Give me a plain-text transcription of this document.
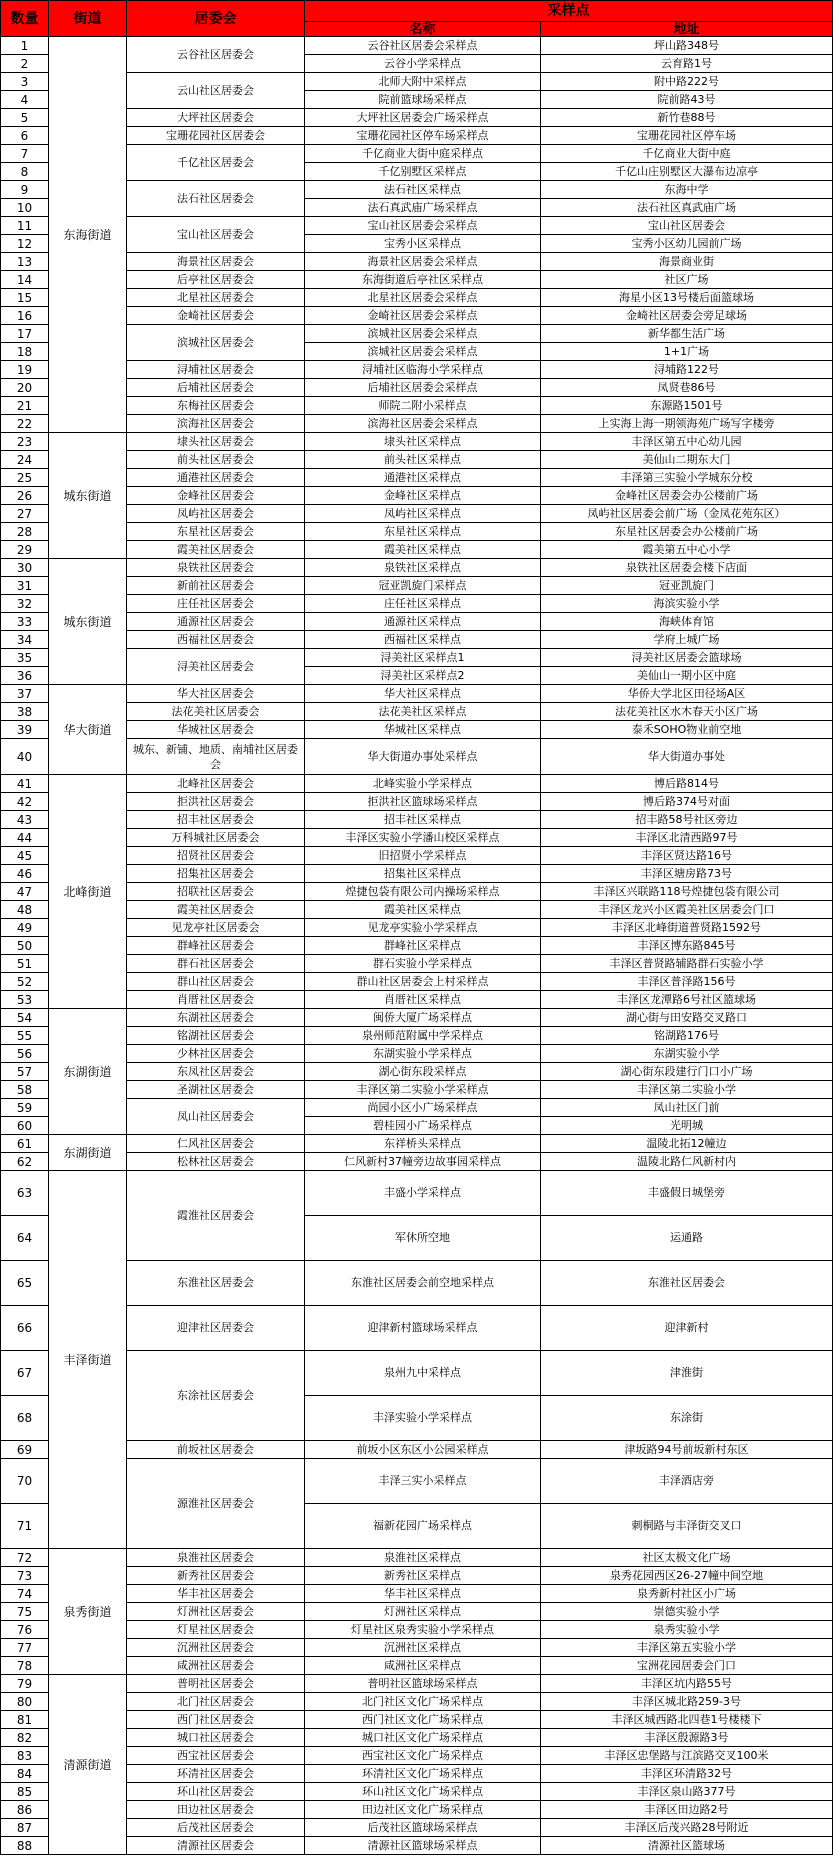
数量	街道	居委会	采样点	
			名称	地址
1	东海街道	云谷社区居委会	云谷社区居委会采样点	坪山路348号
2			云谷小学采样点	云育路1号
3		云山社区居委会	北师大附中采样点	附中路222号
4			院前篮球场采样点	院前路43号
5		大坪社区居委会	大坪社区居委会广场采样点	新竹巷88号
6		宝珊花园社区居委会	宝珊花园社区停车场采样点	宝珊花园社区停车场
7		千亿社区居委会	千亿商业大街中庭采样点	千亿商业大街中庭
8			千亿别墅区采样点	千亿山庄别墅区大瀑布边凉亭
9		法石社区居委会	法石社区采样点	东海中学
10			法石真武庙广场采样点	法石社区真武庙广场
11		宝山社区居委会	宝山社区居委会采样点	宝山社区居委会
12			宝秀小区采样点	宝秀小区幼儿园前广场
13		海景社区居委会	海景社区居委会采样点	海景商业街
14		后亭社区居委会	东海街道后亭社区采样点	社区广场
15		北星社区居委会	北星社区居委会采样点	海星小区13号楼后面篮球场
16		金崎社区居委会	金崎社区居委会采样点	金崎社区居委会旁足球场
17		滨城社区居委会	滨城社区居委会采样点	新华都生活广场
18			滨城社区居委会采样点	1+1广场
19		浔埔社区居委会	浔埔社区临海小学采样点	浔埔路122号
20		后埔社区居委会	后埔社区居委会采样点	凤贤巷86号
21		东梅社区居委会	师院二附小采样点	东源路1501号
22		滨海社区居委会	滨海社区居委会采样点	上实海上海一期领海苑广场写字楼旁
23	城东街道	埭头社区居委会	埭头社区采样点	丰泽区第五中心幼儿园
24		前头社区居委会	前头社区采样点	美仙山二期东大门
25		通港社区居委会	通港社区采样点	丰泽第三实验小学城东分校
26		金峰社区居委会	金峰社区采样点	金峰社区居委会办公楼前广场
27		凤屿社区居委会	凤屿社区采样点	凤屿社区居委会前广场（金凤花苑东区）
28		东星社区居委会	东星社区采样点	东星社区居委会办公楼前广场
29		霞美社区居委会	霞美社区采样点	霞美第五中心小学
30	城东街道	泉铁社区居委会	泉铁社区采样点	泉铁社区居委会楼下店面
31		新前社区居委会	冠亚凯旋门采样点	冠亚凯旋门
32		庄任社区居委会	庄任社区采样点	海滨实验小学
33		通源社区居委会	通源社区采样点	海峡体育馆
34		西福社区居委会	西福社区采样点	学府上城广场
35		浔美社区居委会	浔美社区采样点1	浔美社区居委会篮球场
36			浔美社区采样点2	美仙山一期小区中庭
37	华大街道	华大社区居委会	华大社区采样点	华侨大学北区田径场A区
38		法花美社区居委会	法花美社区采样点	法花美社区水木春天小区广场
39		华城社区居委会	华城社区采样点	泰禾SOHO物业前空地
40		城东、新铺、地质、南埔社区居委会	华大街道办事处采样点	华大街道办事处
41	北峰街道	北峰社区居委会	北峰实验小学采样点	博后路814号
42		拒洪社区居委会	拒洪社区篮球场采样点	博后路374号对面
43		招丰社区居委会	招丰社区采样点	招丰路58号社区旁边
44		万科城社区居委会	丰泽区实验小学潘山校区采样点	丰泽区北清西路97号
45		招贤社区居委会	旧招贤小学采样点	丰泽区贤达路16号
46		招集社区居委会	招集社区采样点	丰泽区塘房路73号
47		招联社区居委会	煌捷包袋有限公司内操场采样点	丰泽区兴联路118号煌捷包袋有限公司
48		霞美社区居委会	霞美社区采样点	丰泽区龙兴小区霞美社区居委会门口
49		见龙亭社区居委会	见龙亭实验小学采样点	丰泽区北峰街道普贤路1592号
50		群峰社区居委会	群峰社区采样点	丰泽区博东路845号
51		群石社区居委会	群石实验小学采样点	丰泽区普贤路辅路群石实验小学
52		群山社区居委会	群山社区居委会上村采样点	丰泽区普泽路156号
53		肖厝社区居委会	肖厝社区采样点	丰泽区龙潭路6号社区篮球场
54	东湖街道	东湖社区居委会	闽侨大厦广场采样点	湖心街与田安路交叉路口
55		铭湖社区居委会	泉州师范附属中学采样点	铭湖路176号
56		少林社区居委会	东湖实验小学采样点	东湖实验小学
57		东凤社区居委会	湖心街东段采样点	湖心街东段建行门口小广场
58		圣湖社区居委会	丰泽区第二实验小学采样点	丰泽区第二实验小学
59		凤山社区居委会	尚园小区小广场采样点	凤山社区门前
60			碧桂园小广场采样点	光明城
61	东湖街道	仁风社区居委会	东祥桥头采样点	温陵北拓12幢边
62		松林社区居委会	仁风新村37幢旁边故事园采样点	温陵北路仁风新村内
63	丰泽街道	霞淮社区居委会	丰盛小学采样点	丰盛假日城堡旁
64			军休所空地	运通路
65		东淮社区居委会	东淮社区居委会前空地采样点	东淮社区居委会
66		迎津社区居委会	迎津新村篮球场采样点	迎津新村
67		东涂社区居委会	泉州九中采样点	津淮街
68			丰泽实验小学采样点	东涂街
69		前坂社区居委会	前坂小区东区小公园采样点	津坂路94号前坂新村东区
70		源淮社区居委会	丰泽三实小采样点	丰泽酒店旁
71			福新花园广场采样点	刺桐路与丰泽街交叉口
72	泉秀街道	泉淮社区居委会	泉淮社区采样点	社区太极文化广场
73		新秀社区居委会	新秀社区采样点	泉秀花园西区26-27幢中间空地
74		华丰社区居委会	华丰社区采样点	泉秀新村社区小广场
75		灯洲社区居委会	灯洲社区采样点	崇德实验小学
76		灯星社区居委会	灯星社区泉秀实验小学采样点	泉秀实验小学
77		沉洲社区居委会	沉洲社区采样点	丰泽区第五实验小学
78		咸洲社区居委会	咸洲社区采样点	宝洲花园居委会门口
79	清源街道	普明社区居委会	普明社区篮球场采样点	丰泽区坑内路55号
80		北门社区居委会	北门社区文化广场采样点	丰泽区城北路259-3号
81		西门社区居委会	西门社区文化广场采样点	丰泽区城西路北四巷1号楼楼下
82		城口社区居委会	城口社区文化广场采样点	丰泽区殷源路3号
83		西宝社区居委会	西宝社区文化广场采样点	丰泽区忠堡路与江滨路交叉100米
84		环清社区居委会	环清社区文化广场采样点	丰泽区环清路32号
85		环山社区居委会	环山社区文化广场采样点	丰泽区泉山路377号
86		田边社区居委会	田边社区文化广场采样点	丰泽区田边路2号
87		后茂社区居委会	后茂社区篮球场采样点	丰泽区后茂兴路28号附近
88		清源社区居委会	清源社区篮球场采样点	清源社区篮球场
